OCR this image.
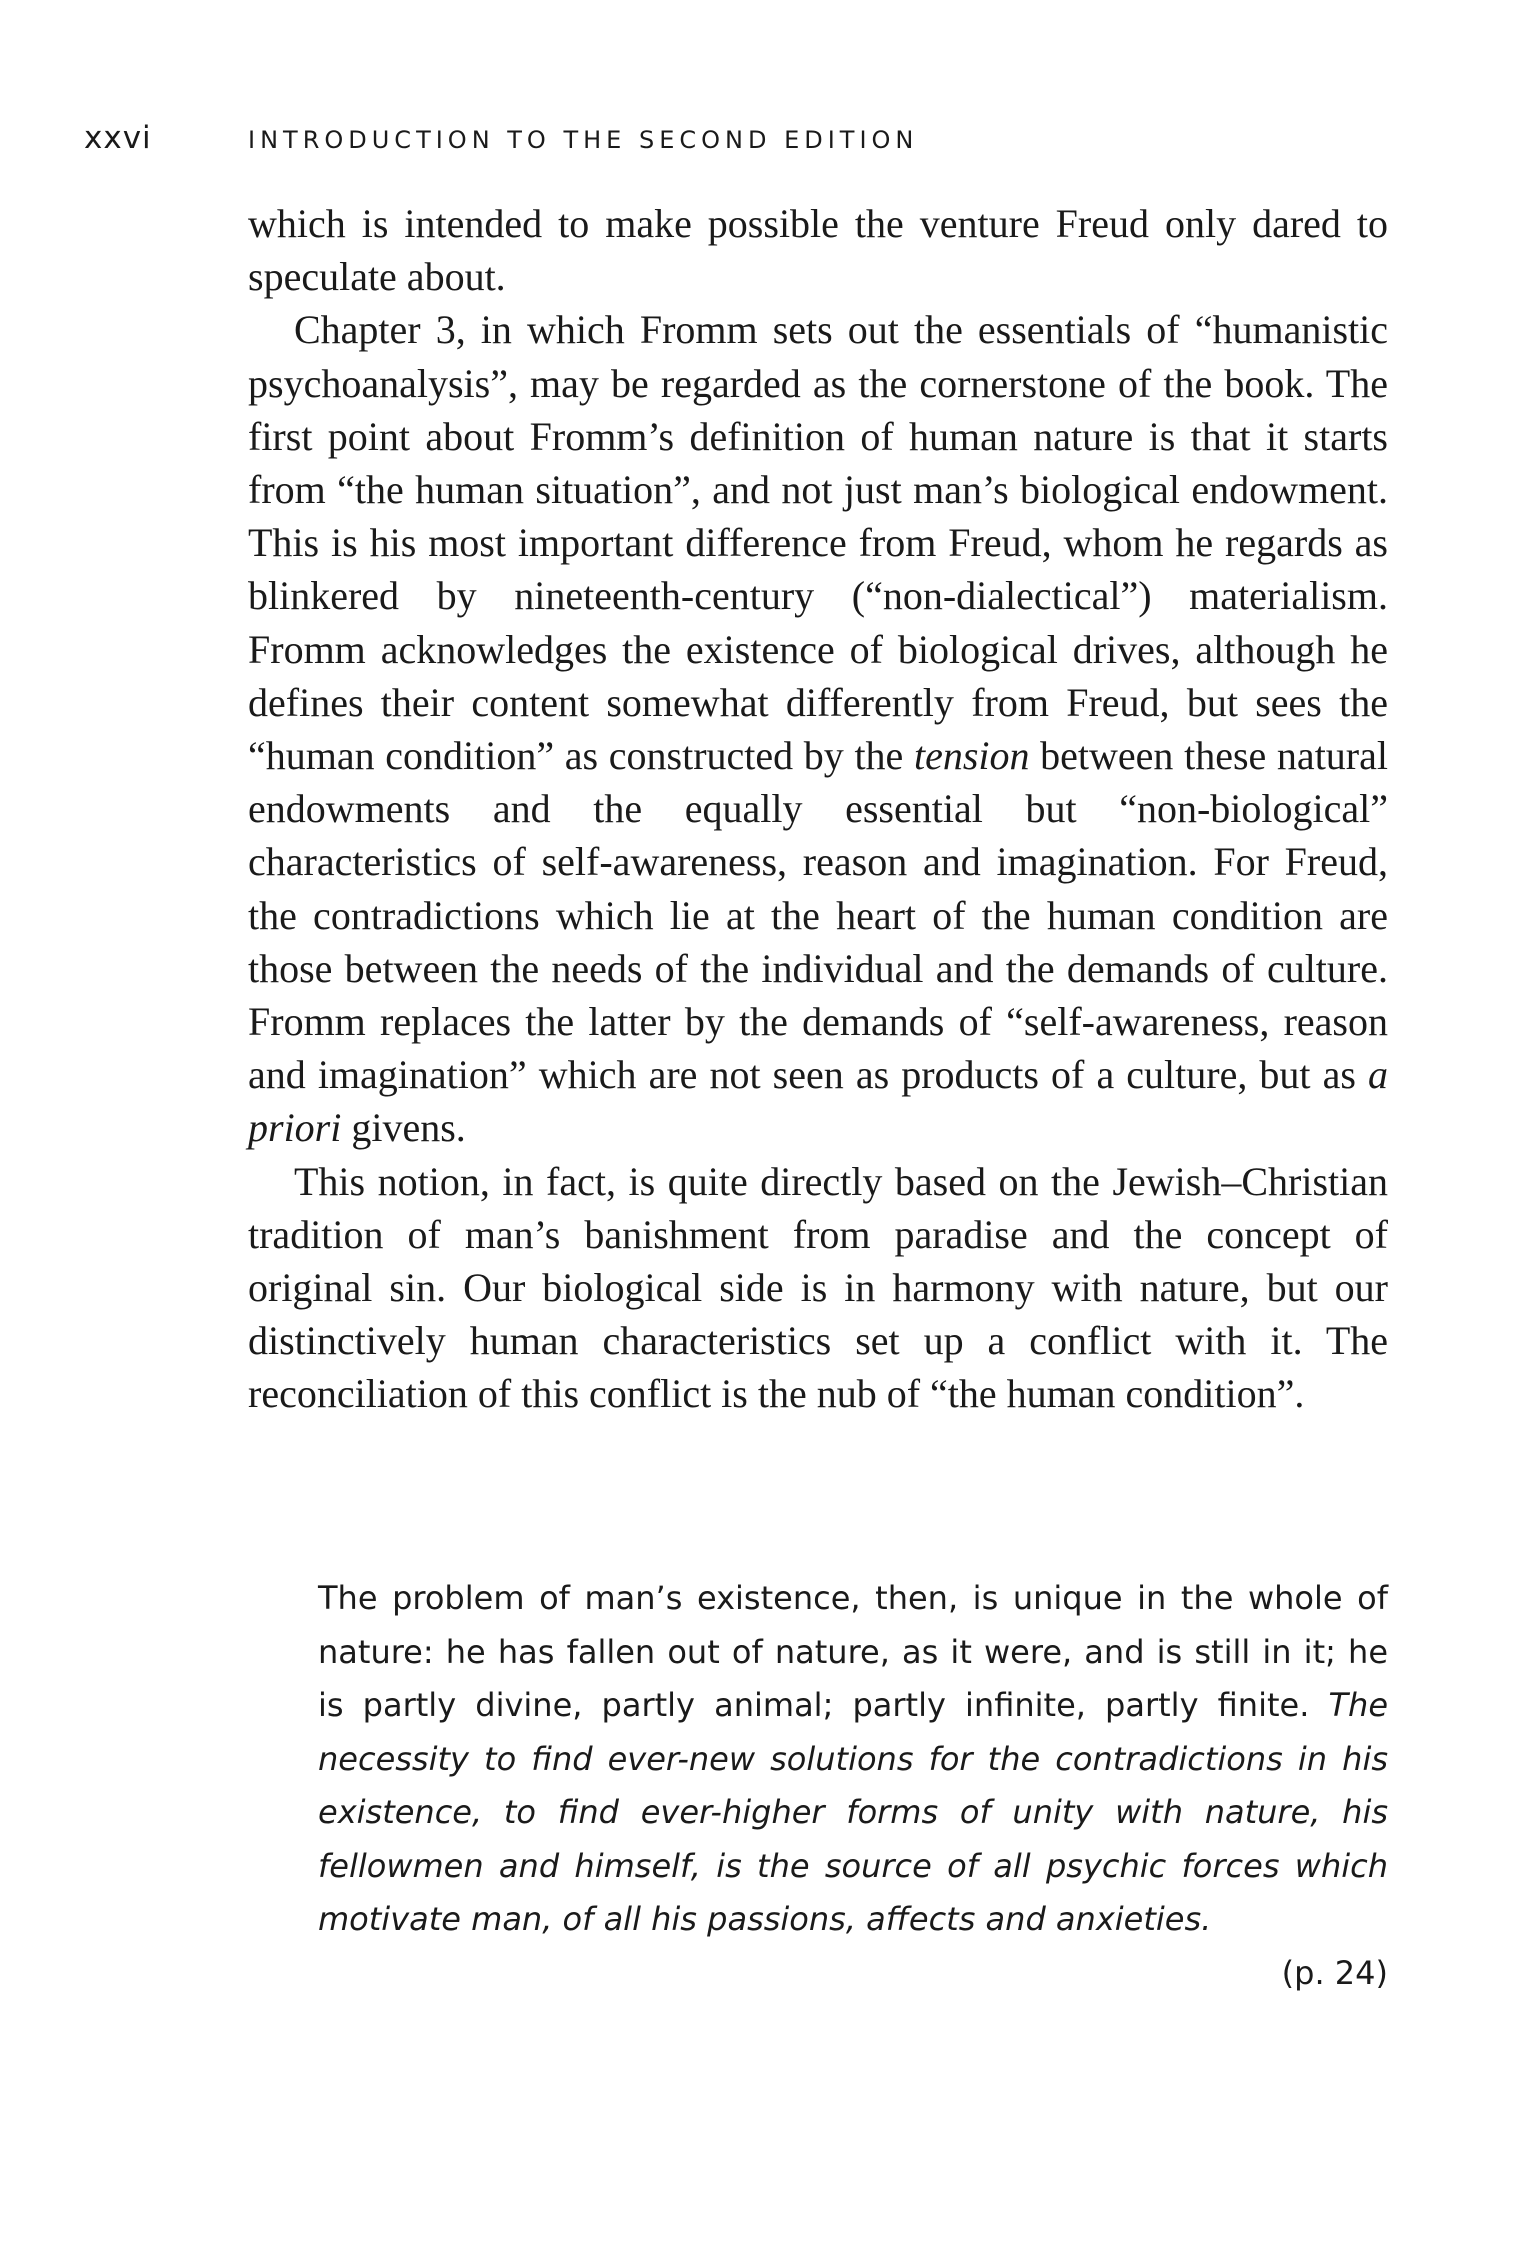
xxvi	INTRODUCTION TO THE SECOND EDITION

which is intended to make possible the venture Freud only dared to speculate about.

Chapter 3, in which Fromm sets out the essentials of “humanistic psychoanalysis”, may be regarded as the cornerstone of the book. The first point about Fromm’s definition of human nature is that it starts from “the human situation”, and not just man’s biological endowment. This is his most important difference from Freud, whom he regards as blinkered by nineteenth-century (“non-dialectical”) materialism. Fromm acknowledges the existence of biological drives, although he defines their content somewhat differently from Freud, but sees the “human condition” as constructed by the tension between these natural endowments and the equally essential but “non-biological” characteristics of self-awareness, reason and imagination. For Freud, the contradictions which lie at the heart of the human condition are those between the needs of the individual and the demands of culture. Fromm replaces the latter by the demands of “self-awareness, reason and imagination” which are not seen as products of a culture, but as a priori givens.

This notion, in fact, is quite directly based on the Jewish–Christian tradition of man’s banishment from paradise and the concept of original sin. Our biological side is in harmony with nature, but our distinctively human characteristics set up a conflict with it. The reconciliation of this conflict is the nub of “the human condition”.

The problem of man’s existence, then, is unique in the whole of nature: he has fallen out of nature, as it were, and is still in it; he is partly divine, partly animal; partly infinite, partly finite. The necessity to find ever-new solutions for the contradictions in his existence, to find ever-higher forms of unity with nature, his fellowmen and himself, is the source of all psychic forces which motivate man, of all his passions, affects and anxieties.

(p. 24)
